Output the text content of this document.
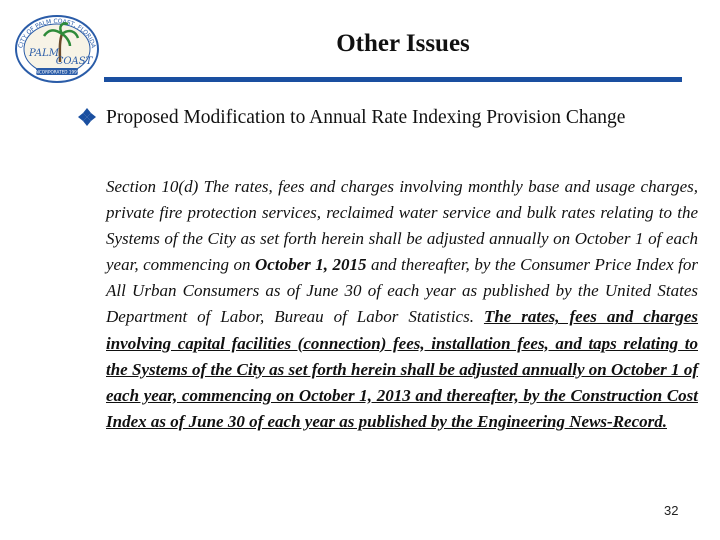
CITY OF PALM COAST, FLORIDA
PALM
COAST
INCORPORATED 1999
Other Issues
Proposed Modification to Annual Rate Indexing Provision Change
Section 10(d) The rates, fees and charges involving monthly base and usage charges, private fire protection services, reclaimed water service and bulk rates relating to the Systems of the City as set forth herein shall be adjusted annually on October 1 of each year, commencing on October 1, 2015 and thereafter, by the Consumer Price Index for All Urban Consumers as of June 30 of each year as published by the United States Department of Labor, Bureau of Labor Statistics. The rates, fees and charges involving capital facilities (connection) fees, installation fees, and taps relating to the Systems of the City as set forth herein shall be adjusted annually on October 1 of each year, commencing on October 1, 2013 and thereafter, by the Construction Cost Index as of June 30 of each year as published by the Engineering News-Record.
32
